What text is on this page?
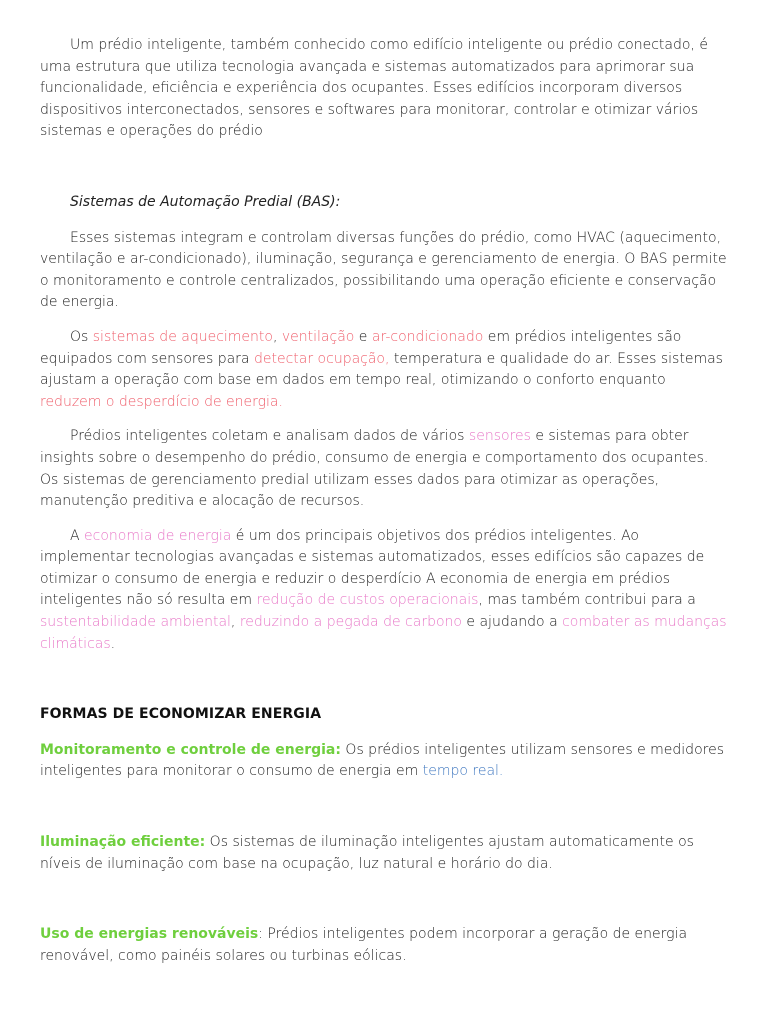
Um prédio inteligente, também conhecido como edifício inteligente ou prédio conectado, é uma estrutura que utiliza tecnologia avançada e sistemas automatizados para aprimorar sua funcionalidade, eficiência e experiência dos ocupantes. Esses edifícios incorporam diversos dispositivos interconectados, sensores e softwares para monitorar, controlar e otimizar vários sistemas e operações do prédio

Sistemas de Automação Predial (BAS):

Esses sistemas integram e controlam diversas funções do prédio, como HVAC (aquecimento, ventilação e ar-condicionado), iluminação, segurança e gerenciamento de energia. O BAS permite o monitoramento e controle centralizados, possibilitando uma operação eficiente e conservação de energia.

Os sistemas de aquecimento, ventilação e ar-condicionado em prédios inteligentes são equipados com sensores para detectar ocupação, temperatura e qualidade do ar. Esses sistemas ajustam a operação com base em dados em tempo real, otimizando o conforto enquanto reduzem o desperdício de energia.

Prédios inteligentes coletam e analisam dados de vários sensores e sistemas para obter insights sobre o desempenho do prédio, consumo de energia e comportamento dos ocupantes. Os sistemas de gerenciamento predial utilizam esses dados para otimizar as operações, manutenção preditiva e alocação de recursos.

A economia de energia é um dos principais objetivos dos prédios inteligentes. Ao implementar tecnologias avançadas e sistemas automatizados, esses edifícios são capazes de otimizar o consumo de energia e reduzir o desperdício A economia de energia em prédios inteligentes não só resulta em redução de custos operacionais, mas também contribui para a sustentabilidade ambiental, reduzindo a pegada de carbono e ajudando a combater as mudanças climáticas.

FORMAS DE ECONOMIZAR ENERGIA

Monitoramento e controle de energia: Os prédios inteligentes utilizam sensores e medidores inteligentes para monitorar o consumo de energia em tempo real.

Iluminação eficiente: Os sistemas de iluminação inteligentes ajustam automaticamente os níveis de iluminação com base na ocupação, luz natural e horário do dia.

Uso de energias renováveis: Prédios inteligentes podem incorporar a geração de energia renovável, como painéis solares ou turbinas eólicas.
